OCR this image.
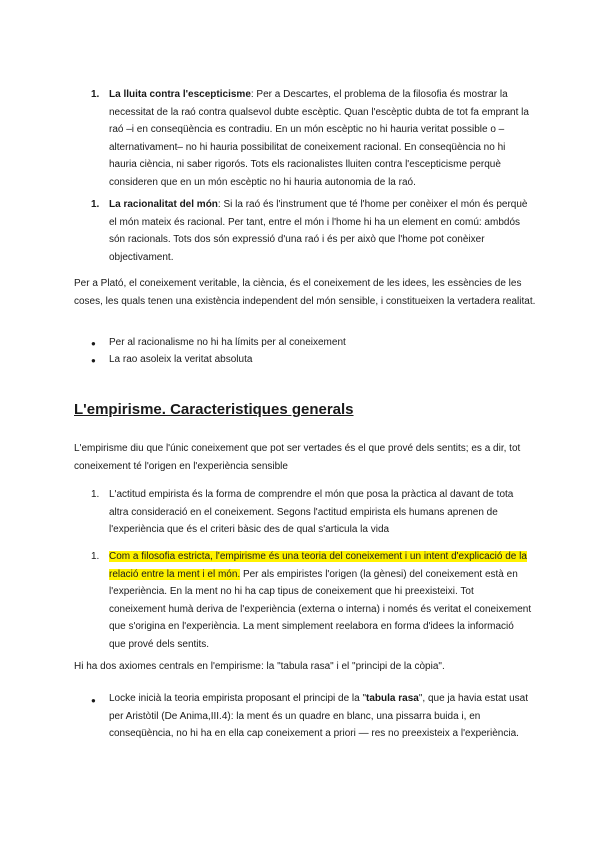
1. La lluita contra l'escepticisme: Per a Descartes, el problema de la filosofia és mostrar la necessitat de la raó contra qualsevol dubte escèptic. Quan l'escèptic dubta de tot fa emprant la raó –i en conseqüència es contradiu. En un món escèptic no hi hauria veritat possible o –alternativament– no hi hauria possibilitat de coneixement racional. En conseqüència no hi hauria ciència, ni saber rigorós. Tots els racionalistes lluiten contra l'escepticisme perquè consideren que en un món escèptic no hi hauria autonomia de la raó.

1. La racionalitat del món: Si la raó és l'instrument que té l'home per conèixer el món és perquè el món mateix és racional. Per tant, entre el món i l'home hi ha un element en comú: ambdós són racionals. Tots dos són expressió d'una raó i és per això que l'home pot conèixer objectivament.

Per a Plató, el coneixement veritable, la ciència, és el coneixement de les idees, les essències de les coses, les quals tenen una existència independent del món sensible, i constitueixen la vertadera realitat.

● Per al racionalisme no hi ha límits per al coneixement

● La rao asoleix la veritat absoluta

L'empirisme. Caracteristiques generals

L'empirisme diu que l'únic coneixement que pot ser vertades és el que prové dels sentits; es a dir, tot coneixement té l'origen en l'experiència sensible

1. L'actitud empirista és la forma de comprendre el món que posa la pràctica al davant de tota altra consideració en el coneixement. Segons l'actitud empirista els humans aprenen de l'experiència que és el criteri bàsic des de qual s'articula la vida

1. Com a filosofia estricta, l'empirisme és una teoria del coneixement i un intent d'explicació de la relació entre la ment i el món. Per als empiristes l'origen (la gènesi) del coneixement està en l'experiència. En la ment no hi ha cap tipus de coneixement que hi preexisteixi. Tot coneixement humà deriva de l'experiència (externa o interna) i només és veritat el coneixement que s'origina en l'experiència. La ment simplement reelabora en forma d'idees la informació que prové dels sentits.

Hi ha dos axiomes centrals en l'empirisme: la "tabula rasa" i el "principi de la còpia".

● Locke inicià la teoria empirista proposant el principi de la "tabula rasa", que ja havia estat usat per Aristòtil (De Anima,III.4): la ment és un quadre en blanc, una pissarra buida i, en conseqüència, no hi ha en ella cap coneixement a priori — res no preexisteix a l'experiència.
